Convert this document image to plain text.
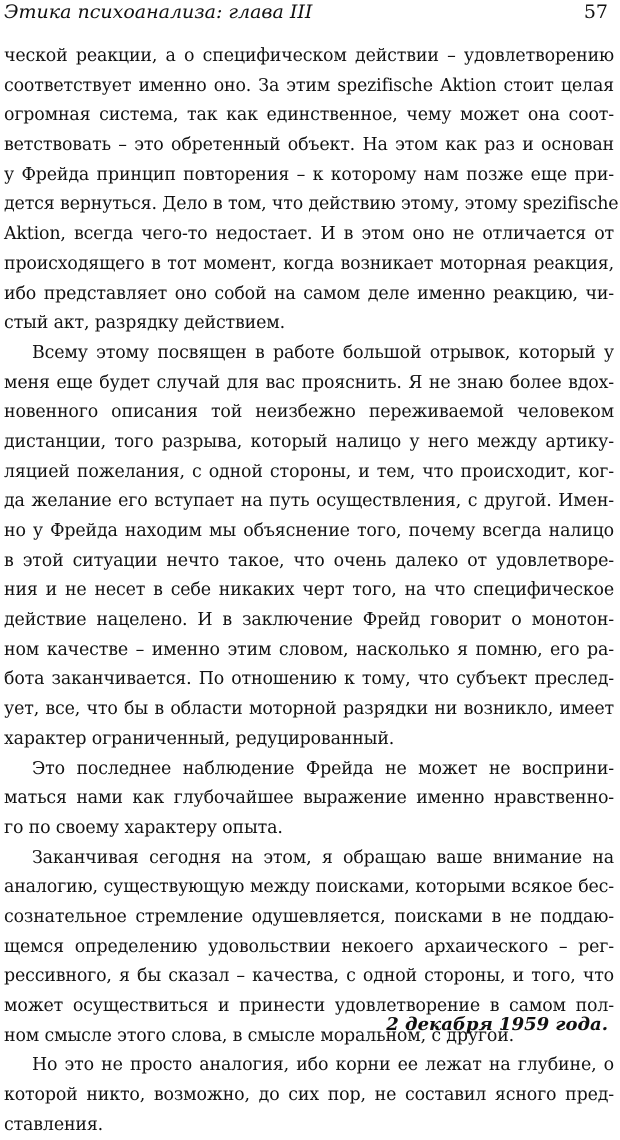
Этика психоанализа: глава III	57
ческой реакции, а о специфическом действии – удовлетворению
соответствует именно оно. За этим spezifische Aktion стоит целая
огромная система, так как единственное, чему может она соот-
ветствовать – это обретенный объект. На этом как раз и основан
у Фрейда принцип повторения – к которому нам позже еще при-
дется вернуться. Дело в том, что действию этому, этому spezifische
Aktion, всегда чего-то недостает. И в этом оно не отличается от
происходящего в тот момент, когда возникает моторная реакция,
ибо представляет оно собой на самом деле именно реакцию, чи-
стый акт, разрядку действием.
Всему этому посвящен в работе большой отрывок, который у
меня еще будет случай для вас прояснить. Я не знаю более вдох-
новенного описания той неизбежно переживаемой человеком
дистанции, того разрыва, который налицо у него между артику-
ляцией пожелания, с одной стороны, и тем, что происходит, ког-
да желание его вступает на путь осуществления, с другой. Имен-
но у Фрейда находим мы объяснение того, почему всегда налицо
в этой ситуации нечто такое, что очень далеко от удовлетворе-
ния и не несет в себе никаких черт того, на что специфическое
действие нацелено. И в заключение Фрейд говорит о монотон-
ном качестве – именно этим словом, насколько я помню, его ра-
бота заканчивается. По отношению к тому, что субъект преслед-
ует, все, что бы в области моторной разрядки ни возникло, имеет
характер ограниченный, редуцированный.
Это последнее наблюдение Фрейда не может не восприни-
маться нами как глубочайшее выражение именно нравственно-
го по своему характеру опыта.
Заканчивая сегодня на этом, я обращаю ваше внимание на
аналогию, существующую между поисками, которыми всякое бес-
сознательное стремление одушевляется, поисками в не поддаю-
щемся определению удовольствии некоего архаического – рег-
рессивного, я бы сказал – качества, с одной стороны, и того, что
может осуществиться и принести удовлетворение в самом пол-
ном смысле этого слова, в смысле моральном, с другой.
Но это не просто аналогия, ибо корни ее лежат на глубине, о
которой никто, возможно, до сих пор, не составил ясного пред-
ставления.
2 декабря 1959 года.
